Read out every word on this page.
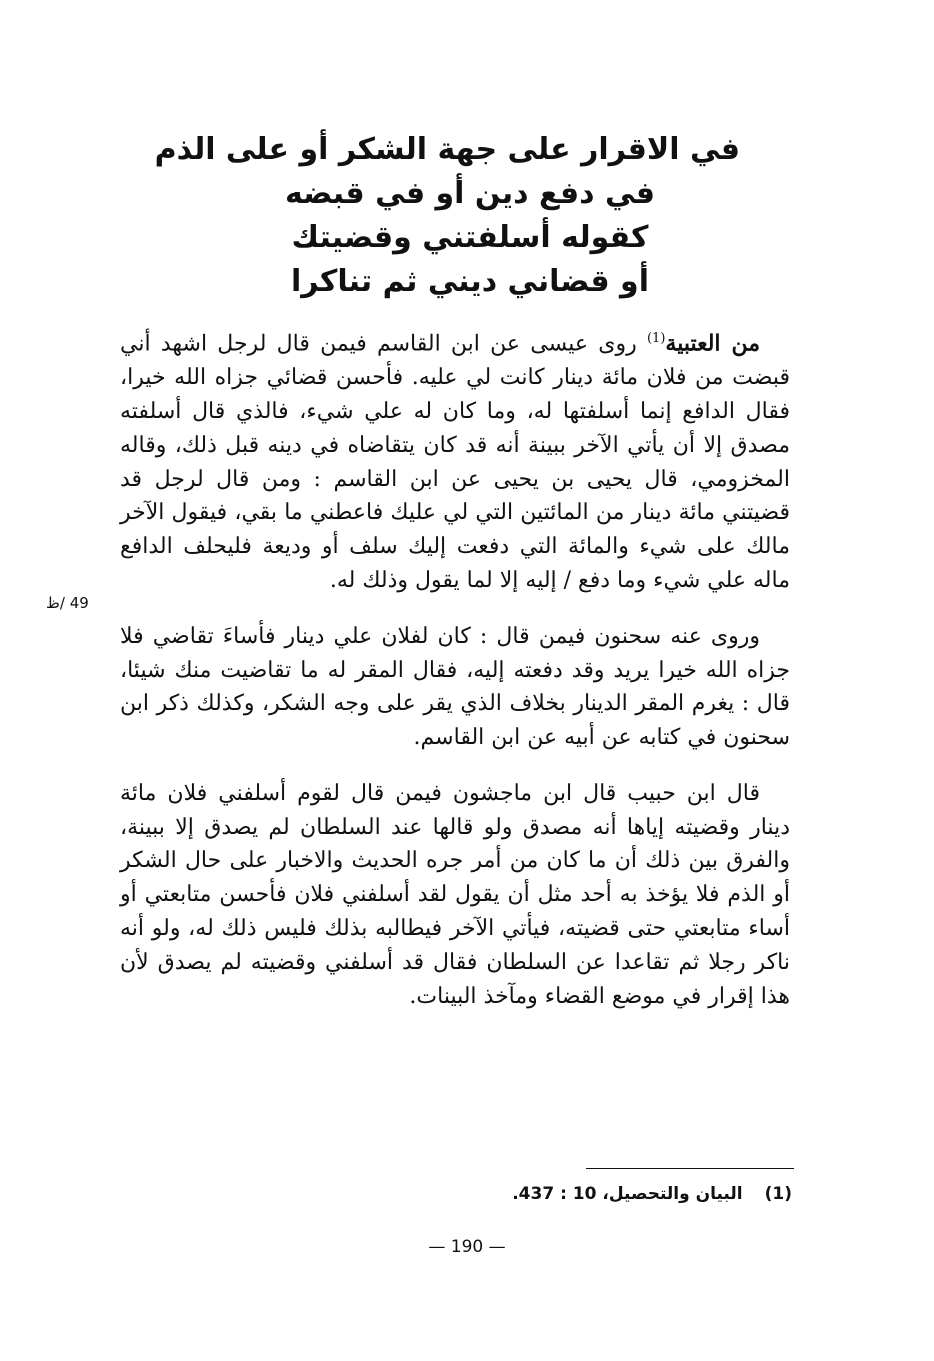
في الاقرار على جهة الشكر أو على الذم
في دفع دين أو في قبضه
كقوله أسلفتني وقضيتك
أو قضاني ديني ثم تناكرا

من العتبية$^{(1)}$ روى عيسى عن ابن القاسم فيمن قال لرجل اشهد أني قبضت من فلان مائة دينار كانت لي عليه. فأحسن قضائي جزاه الله خيرا، فقال الدافع إنما أسلفتها له، وما كان له علي شيء، فالذي قال أسلفته مصدق إلا أن يأتي الآخر ببينة أنه قد كان يتقاضاه في دينه قبل ذلك، وقاله المخزومي، قال يحيى بن يحيى عن ابن القاسم : ومن قال لرجل قد قضيتني مائة دينار من المائتين التي لي عليك فاعطني ما بقي، فيقول الآخر مالك على شيء والمائة التي دفعت إليك سلف أو وديعة فليحلف الدافع ماله علي شيء وما دفع / إليه إلا لما يقول وذلك له.

وروى عنه سحنون فيمن قال : كان لفلان علي دينار فأساءَ تقاضي فلا جزاه الله خيرا يريد وقد دفعته إليه، فقال المقر له ما تقاضيت منك شيئا، قال : يغرم المقر الدينار بخلاف الذي يقر على وجه الشكر، وكذلك ذكر ابن سحنون في كتابه عن أبيه عن ابن القاسم.

قال ابن حبيب قال ابن ماجشون فيمن قال لقوم أسلفني فلان مائة دينار وقضيته إياها أنه مصدق ولو قالها عند السلطان لم يصدق إلا ببينة، والفرق بين ذلك أن ما كان من أمر جره الحديث والاخبار على حال الشكر أو الذم فلا يؤخذ به أحد مثل أن يقول لقد أسلفني فلان فأحسن متابعتي أو أساء متابعتي حتى قضيته، فيأتي الآخر فيطالبه بذلك فليس ذلك له، ولو أنه ناكر رجلا ثم تقاعدا عن السلطان فقال قد أسلفني وقضيته لم يصدق لأن هذا إقرار في موضع القضاء ومآخذ البينات.

49 /ظ
(1)البيان والتحصيل، 10 : 437.
— 190 —
